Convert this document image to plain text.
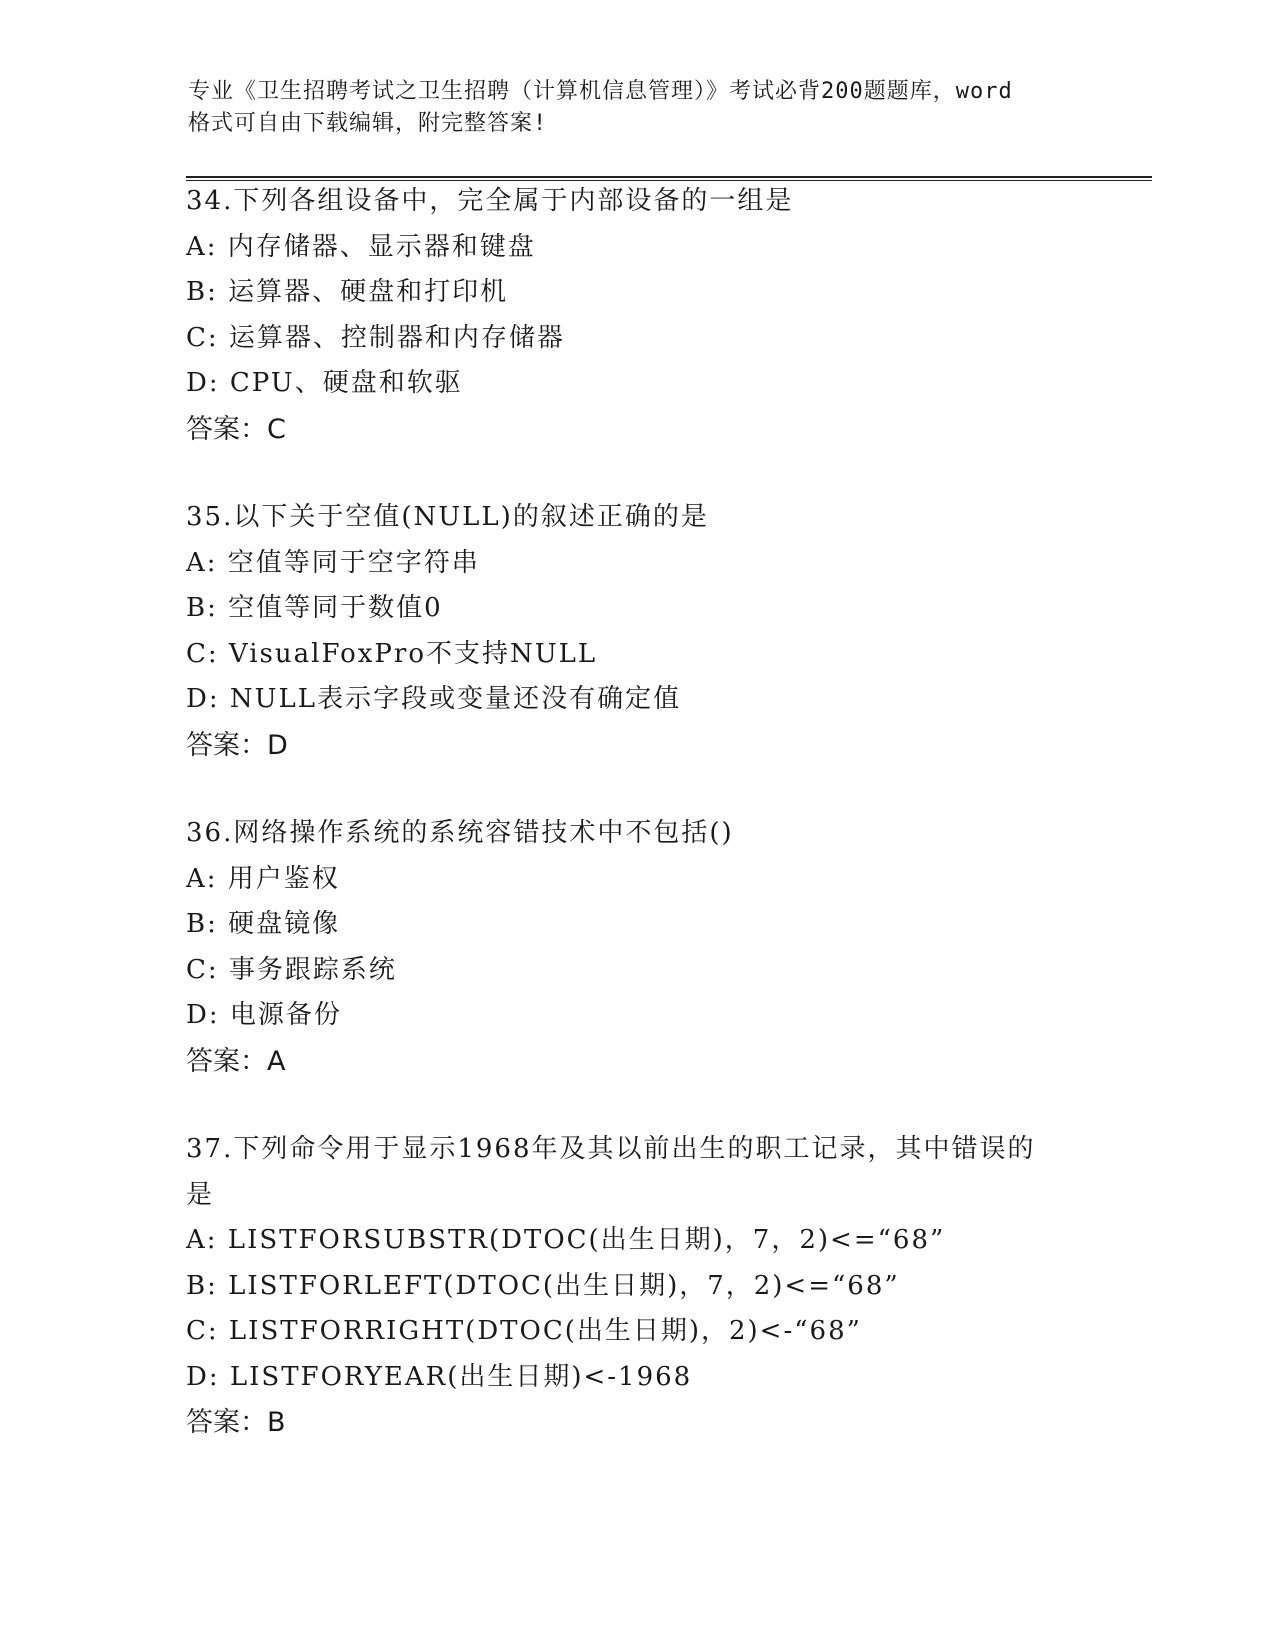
专业《卫生招聘考试之卫生招聘（计算机信息管理）》考试必背200题题库，word
格式可自由下载编辑，附完整答案!
34.下列各组设备中，完全属于内部设备的一组是
A: 内存储器、显示器和键盘
B: 运算器、硬盘和打印机
C: 运算器、控制器和内存储器
D: CPU、硬盘和软驱
答案：C
35.以下关于空值(NULL)的叙述正确的是
A: 空值等同于空字符串
B: 空值等同于数值0
C: VisualFoxPro不支持NULL
D: NULL表示字段或变量还没有确定值
答案：D
36.网络操作系统的系统容错技术中不包括()
A: 用户鉴权
B: 硬盘镜像
C: 事务跟踪系统
D: 电源备份
答案：A
37.下列命令用于显示1968年及其以前出生的职工记录，其中错误的
是
A: LISTFORSUBSTR(DTOC(出生日期)，7，2)<=“68”
B: LISTFORLEFT(DTOC(出生日期)，7，2)<=“68”
C: LISTFORRIGHT(DTOC(出生日期)，2)<-“68”
D: LISTFORYEAR(出生日期)<-1968
答案：B
